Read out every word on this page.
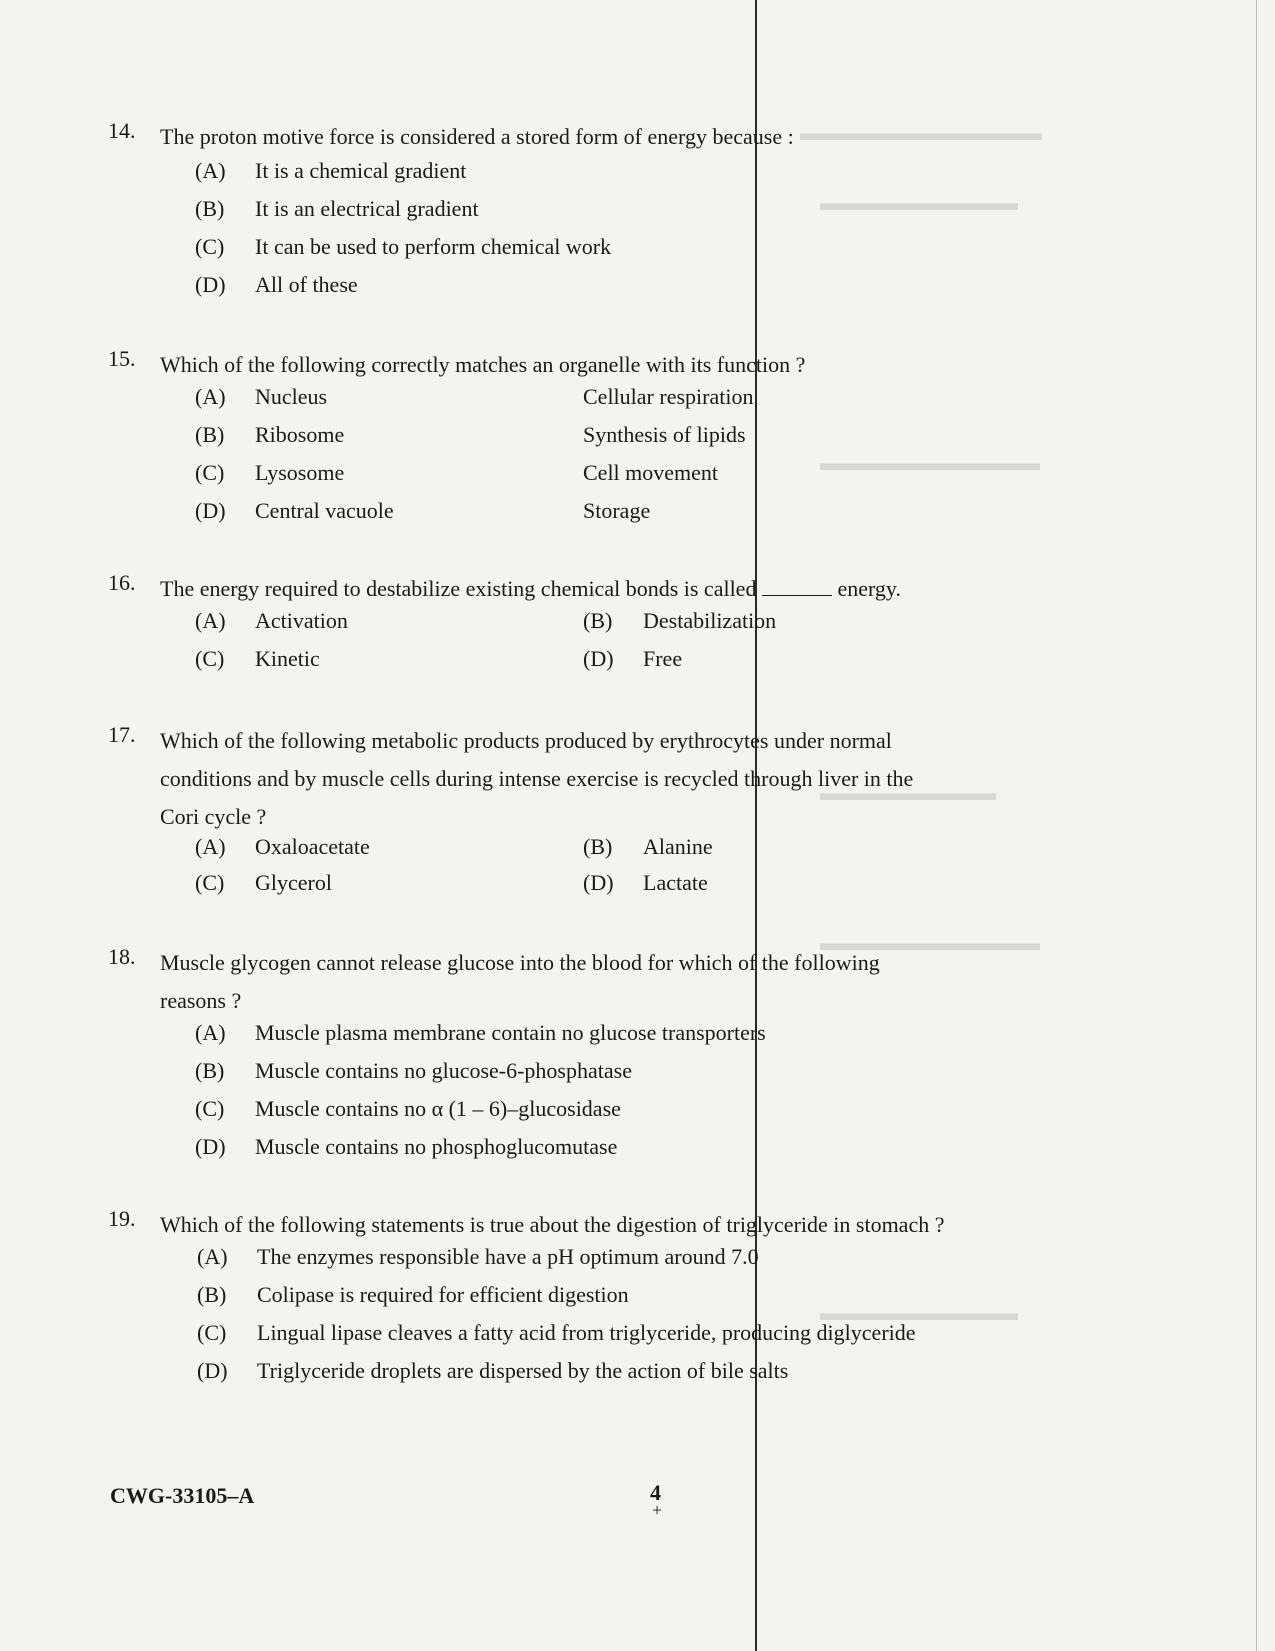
▬▬▬▬▬▬▬▬▬▬▬
▬▬▬▬▬▬▬▬▬
▬▬▬▬▬▬▬▬▬▬
▬▬▬▬▬▬▬▬
▬▬▬▬▬▬▬▬▬▬
▬▬▬▬▬▬▬▬▬
14. The proton motive force is considered a stored form of energy because :
(A) It is a chemical gradient
(B) It is an electrical gradient
(C) It can be used to perform chemical work
(D) All of these
15. Which of the following correctly matches an organelle with its function ?
(A) Nucleus	Cellular respiration
(B) Ribosome	Synthesis of lipids
(C) Lysosome	Cell movement
(D) Central vacuole	Storage
16. The energy required to destabilize existing chemical bonds is called	energy.
(A) Activation	(B) Destabilization
(C) Kinetic	(D) Free
17. Which of the following metabolic products produced by erythrocytes under normal
conditions and by muscle cells during intense exercise is recycled through liver in the
Cori cycle ?
(A) Oxaloacetate	(B) Alanine
(C) Glycerol	(D) Lactate
18. Muscle glycogen cannot release glucose into the blood for which of the following
reasons ?
(A) Muscle plasma membrane contain no glucose transporters
(B) Muscle contains no glucose-6-phosphatase
(C) Muscle contains no α (1 – 6)–glucosidase
(D) Muscle contains no phosphoglucomutase
19. Which of the following statements is true about the digestion of triglyceride in stomach ?
(A) The enzymes responsible have a pH optimum around 7.0
(B) Colipase is required for efficient digestion
(C) Lingual lipase cleaves a fatty acid from triglyceride, producing diglyceride
(D) Triglyceride droplets are dispersed by the action of bile salts
CWG-33105–A	4
+
